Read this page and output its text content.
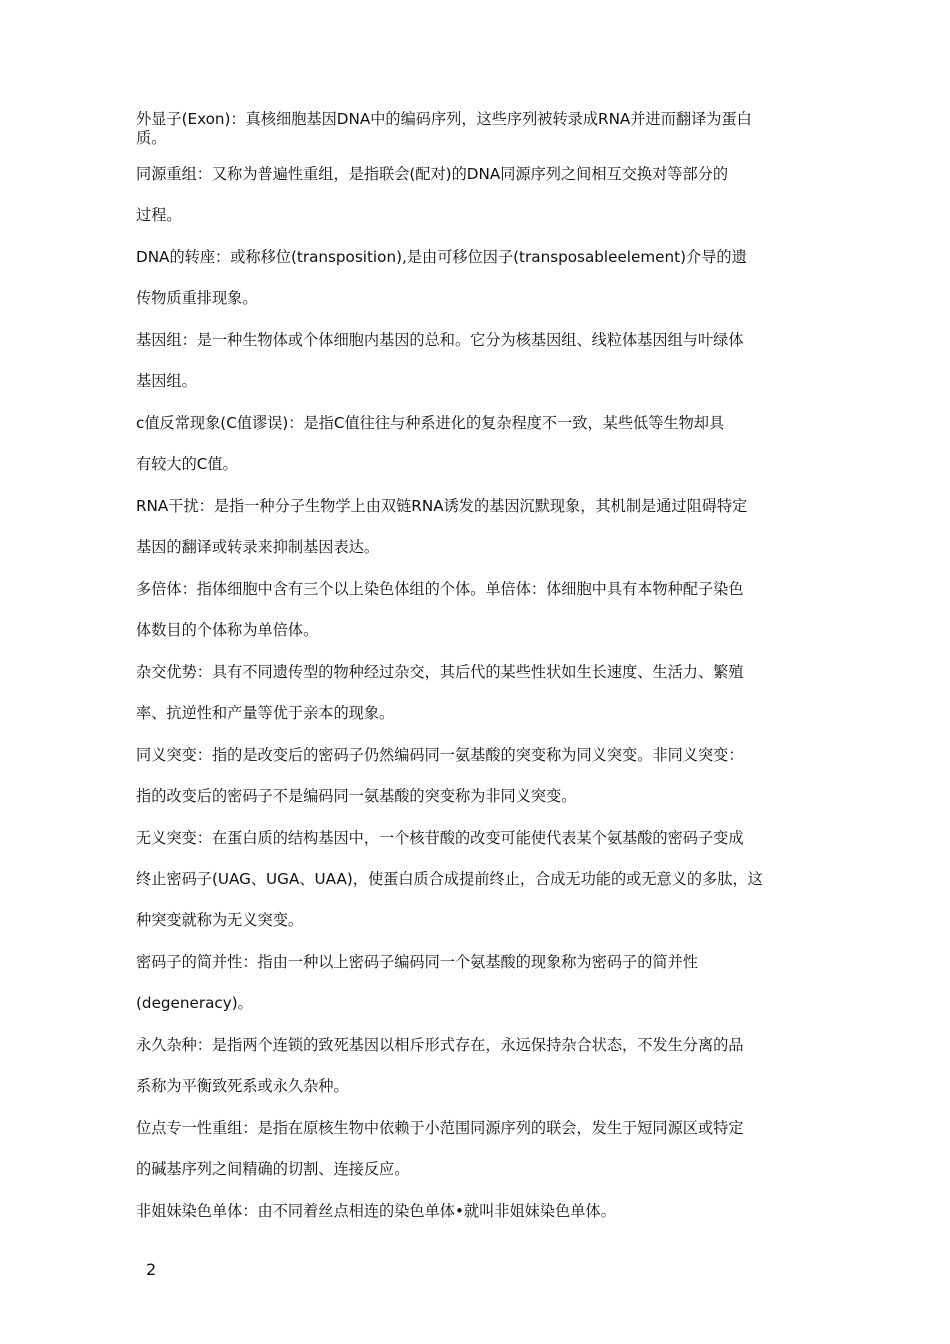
外显子(Exon)：真核细胞基因DNA中的编码序列，这些序列被转录成RNA并进而翻译为蛋白
质。
同源重组：又称为普遍性重组，是指联会(配对)的DNA同源序列之间相互交换对等部分的
过程。
DNA的转座：或称移位(transposition),是由可移位因子(transposableelement)介导的遗
传物质重排现象。
基因组：是一种生物体或个体细胞内基因的总和。它分为核基因组、线粒体基因组与叶绿体
基因组。
c值反常现象(C值谬误)：是指C值往往与种系进化的复杂程度不一致，某些低等生物却具
有较大的C值。
RNA干扰：是指一种分子生物学上由双链RNA诱发的基因沉默现象，其机制是通过阻碍特定
基因的翻译或转录来抑制基因表达。
多倍体：指体细胞中含有三个以上染色体组的个体。单倍体：体细胞中具有本物种配子染色
体数目的个体称为单倍体。
杂交优势：具有不同遗传型的物种经过杂交，其后代的某些性状如生长速度、生活力、繁殖
率、抗逆性和产量等优于亲本的现象。
同义突变：指的是改变后的密码子仍然编码同一氨基酸的突变称为同义突变。非同义突变：
指的改变后的密码子不是编码同一氨基酸的突变称为非同义突变。
无义突变：在蛋白质的结构基因中，一个核苷酸的改变可能使代表某个氨基酸的密码子变成
终止密码子(UAG、UGA、UAA)，使蛋白质合成提前终止，合成无功能的或无意义的多肽，这
种突变就称为无义突变。
密码子的简并性：指由一种以上密码子编码同一个氨基酸的现象称为密码子的简并性
(degeneracy)。
永久杂种：是指两个连锁的致死基因以相斥形式存在，永远保持杂合状态，不发生分离的品
系称为平衡致死系或永久杂种。
位点专一性重组：是指在原核生物中依赖于小范围同源序列的联会，发生于短同源区或特定
的碱基序列之间精确的切割、连接反应。
非姐妹染色单体：由不同着丝点相连的染色单体•就叫非姐妹染色单体。
2
